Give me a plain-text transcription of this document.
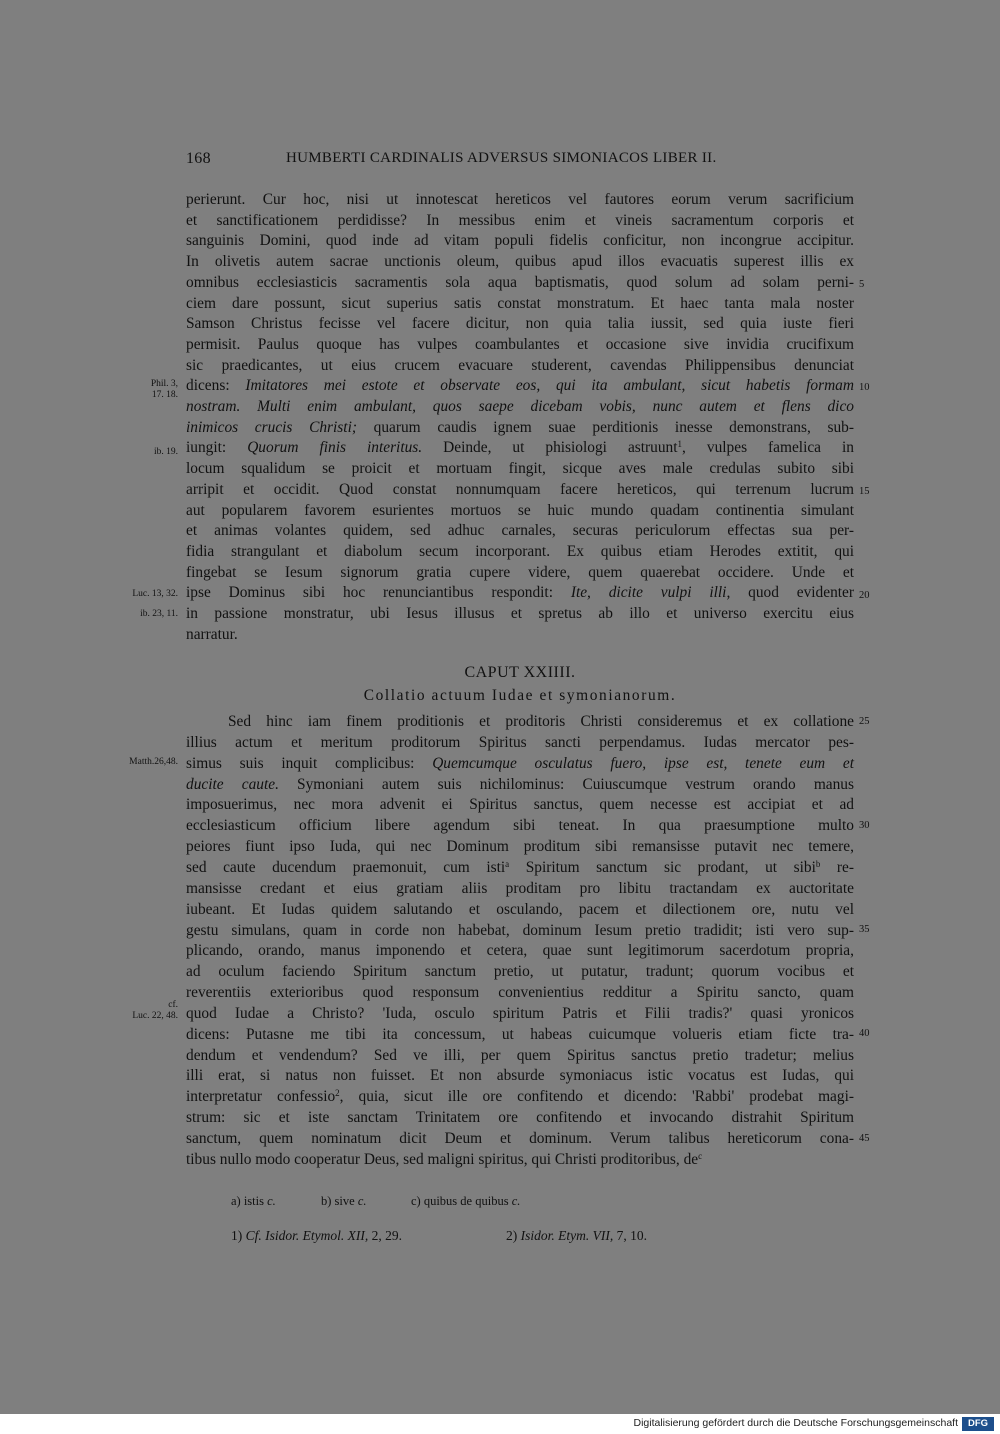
168	HUMBERTI CARDINALIS ADVERSUS SIMONIACOS LIBER II.
perierunt. Cur hoc, nisi ut innotescat hereticos vel fautores eorum verum sacrificium
et sanctificationem perdidisse? In messibus enim et vineis sacramentum corporis et
sanguinis Domini, quod inde ad vitam populi fidelis conficitur, non incongrue accipitur.
In olivetis autem sacrae unctionis oleum, quibus apud illos evacuatis superest illis ex
omnibus ecclesiasticis sacramentis sola aqua baptismatis, quod solum ad solam perni-
ciem dare possunt, sicut superius satis constat monstratum. Et haec tanta mala noster
Samson Christus fecisse vel facere dicitur, non quia talia iussit, sed quia iuste fieri
permisit. Paulus quoque has vulpes coambulantes et occasione sive invidia crucifixum
sic praedicantes, ut eius crucem evacuare studerent, cavendas Philippensibus denunciat
dicens: Imitatores mei estote et observate eos, qui ita ambulant, sicut habetis formam
nostram. Multi enim ambulant, quos saepe dicebam vobis, nunc autem et flens dico
inimicos crucis Christi; quarum caudis ignem suae perditionis inesse demonstrans, sub-
iungit: Quorum finis interitus. Deinde, ut phisiologi astruunt$^1$, vulpes famelica in
locum squalidum se proicit et mortuam fingit, sicque aves male credulas subito sibi
arripit et occidit. Quod constat nonnumquam facere hereticos, qui terrenum lucrum
aut popularem favorem esurientes mortuos se huic mundo quadam continentia simulant
et animas volantes quidem, sed adhuc carnales, securas periculorum effectas sua per-
fidia strangulant et diabolum secum incorporant. Ex quibus etiam Herodes extitit, qui
fingebat se Iesum signorum gratia cupere videre, quem quaerebat occidere. Unde et
ipse Dominus sibi hoc renunciantibus respondit: Ite, dicite vulpi illi, quod evidenter
in passione monstratur, ubi Iesus illusus et spretus ab illo et universo exercitu eius
narratur.
CAPUT XXIIII.
Collatio actuum Iudae et symonianorum.
Sed hinc iam finem proditionis et proditoris Christi consideremus et ex collatione
illius actum et meritum proditorum Spiritus sancti perpendamus. Iudas mercator pes-
simus suis inquit complicibus: Quemcumque osculatus fuero, ipse est, tenete eum et
ducite caute. Symoniani autem suis nichilominus: Cuiuscumque vestrum orando manus
imposuerimus, nec mora advenit ei Spiritus sanctus, quem necesse est accipiat et ad
ecclesiasticum officium libere agendum sibi teneat. In qua praesumptione multo
peiores fiunt ipso Iuda, qui nec Dominum proditum sibi remansisse putavit nec temere,
sed caute ducendum praemonuit, cum isti$^a$ Spiritum sanctum sic prodant, ut sibi$^b$ re-
mansisse credant et eius gratiam aliis proditam pro libitu tractandam ex auctoritate
iubeant. Et Iudas quidem salutando et osculando, pacem et dilectionem ore, nutu vel
gestu simulans, quam in corde non habebat, dominum Iesum pretio tradidit; isti vero sup-
plicando, orando, manus imponendo et cetera, quae sunt legitimorum sacerdotum propria,
ad oculum faciendo Spiritum sanctum pretio, ut putatur, tradunt; quorum vocibus et
reverentiis exterioribus quod responsum convenientius redditur a Spiritu sancto, quam
quod Iudae a Christo? 'Iuda, osculo spiritum Patris et Filii tradis?' quasi yronicos
dicens: Putasne me tibi ita concessum, ut habeas cuicumque volueris etiam ficte tra-
dendum et vendendum? Sed ve illi, per quem Spiritus sanctus pretio tradetur; melius
illi erat, si natus non fuisset. Et non absurde symoniacus istic vocatus est Iudas, qui
interpretatur confessio$^2$, quia, sicut ille ore confitendo et dicendo: 'Rabbi' prodebat magi-
strum: sic et iste sanctam Trinitatem ore confitendo et invocando distrahit Spiritum
sanctum, quem nominatum dicit Deum et dominum. Verum talibus hereticorum cona-
tibus nullo modo cooperatur Deus, sed maligni spiritus, qui Christi proditoribus, $de^c$
5
10
15
20
25
30
35
40
45
Phil. 3,
17. 18.
ib. 19.
Luc. 13, 32.
ib. 23, 11.
Matth.26,48.
cf.
Luc. 22, 48.
a) istis c.	b) sive c.	c) quibus de quibus c.
1) Cf. Isidor. Etymol. XII, 2, 29.	2) Isidor. Etym. VII, 7, 10.
Digitalisierung gefördert durch die Deutsche Forschungsgemeinschaft	DFG
